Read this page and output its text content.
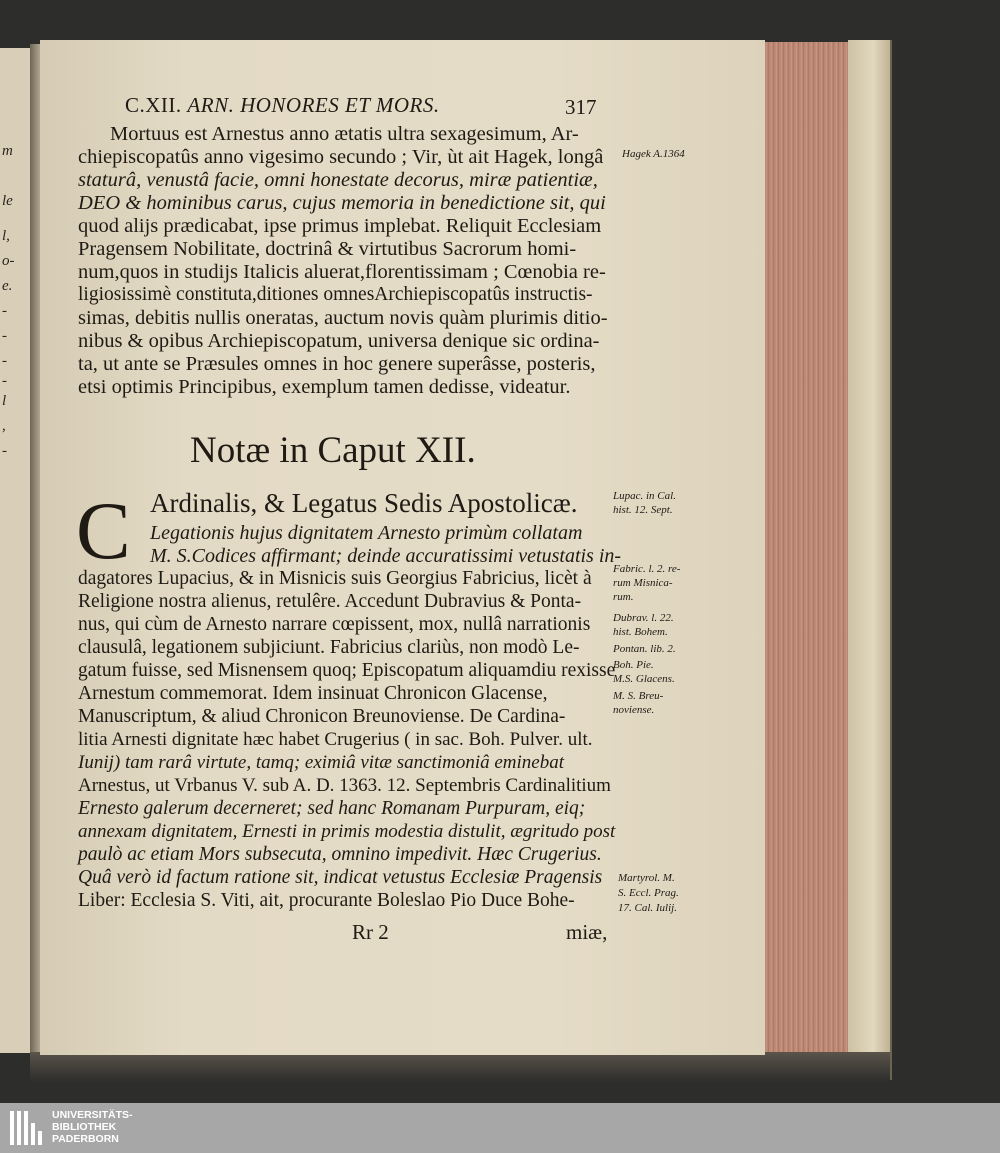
m
le
l,
o-
e.
-
-
-
-
l
,
-
C.XII. ARN. HONORES ET MORS.	317
Mortuus est Arnestus anno ætatis ultra sexagesimum, Ar-
chiepiscopatûs anno vigesimo secundo ; Vir, ùt ait Hagek, longâ
staturâ, venustâ facie, omni honestate decorus, miræ patientiæ,
DEO & hominibus carus, cujus memoria in benedictione sit, qui
quod alijs prædicabat, ipse primus implebat. Reliquit Ecclesiam
Pragensem Nobilitate, doctrinâ & virtutibus Sacrorum homi-
num,quos in studijs Italicis aluerat,florentissimam ; Cœnobia re-
ligiosissimè constituta,ditiones omnesArchiepiscopatûs instructis-
simas, debitis nullis oneratas, auctum novis quàm plurimis ditio-
nibus & opibus Archiepiscopatum, universa denique sic ordina-
ta, ut ante se Præsules omnes in hoc genere superâsse, posteris,
etsi optimis Principibus, exemplum tamen dedisse, videatur.
Notæ in Caput XII.
C Ardinalis, & Legatus Sedis Apostolicæ.
Legationis hujus dignitatem Arnesto primùm collatam
M. S.Codices affirmant; deinde accuratissimi vetustatis in-
dagatores Lupacius, & in Misnicis suis Georgius Fabricius, licèt à
Religione nostra alienus, retulêre. Accedunt Dubravius & Ponta-
nus, qui cùm de Arnesto narrare cœpissent, mox, nullâ narrationis
clausulâ, legationem subjiciunt. Fabricius clariùs, non modò Le-
gatum fuisse, sed Misnensem quoq; Episcopatum aliquamdiu rexisse
Arnestum commemorat. Idem insinuat Chronicon Glacense,
Manuscriptum, & aliud Chronicon Breunoviense. De Cardina-
litia Arnesti dignitate hæc habet Crugerius ( in sac. Boh. Pulver. ult.
Iunij) tam rarâ virtute, tamq; eximiâ vitæ sanctimoniâ eminebat
Arnestus, ut Vrbanus V. sub A. D. 1363. 12. Septembris Cardinalitium
Ernesto galerum decerneret; sed hanc Romanam Purpuram, eiq;
annexam dignitatem, Ernesti in primis modestia distulit, ægritudo post
paulò ac etiam Mors subsecuta, omnino impedivit. Hæc Crugerius.
Quâ verò id factum ratione sit, indicat vetustus Ecclesiæ Pragensis
Liber: Ecclesia S. Viti, ait, procurante Boleslao Pio Duce Bohe-
Hagek A.1364
Lupac. in Cal.
hist. 12. Sept.
Fabric. l. 2. re-
rum Misnica-
rum.
Dubrav. l. 22.
hist. Bohem.
Pontan. lib. 2.
Boh. Pie.
M.S. Glacens.
M. S. Breu-
noviense.
Martyrol. M.
S. Eccl. Prag.
17. Cal. Iulij.
Rr 2	miæ,
UNIVERSITÄTS-
BIBLIOTHEK
PADERBORN
